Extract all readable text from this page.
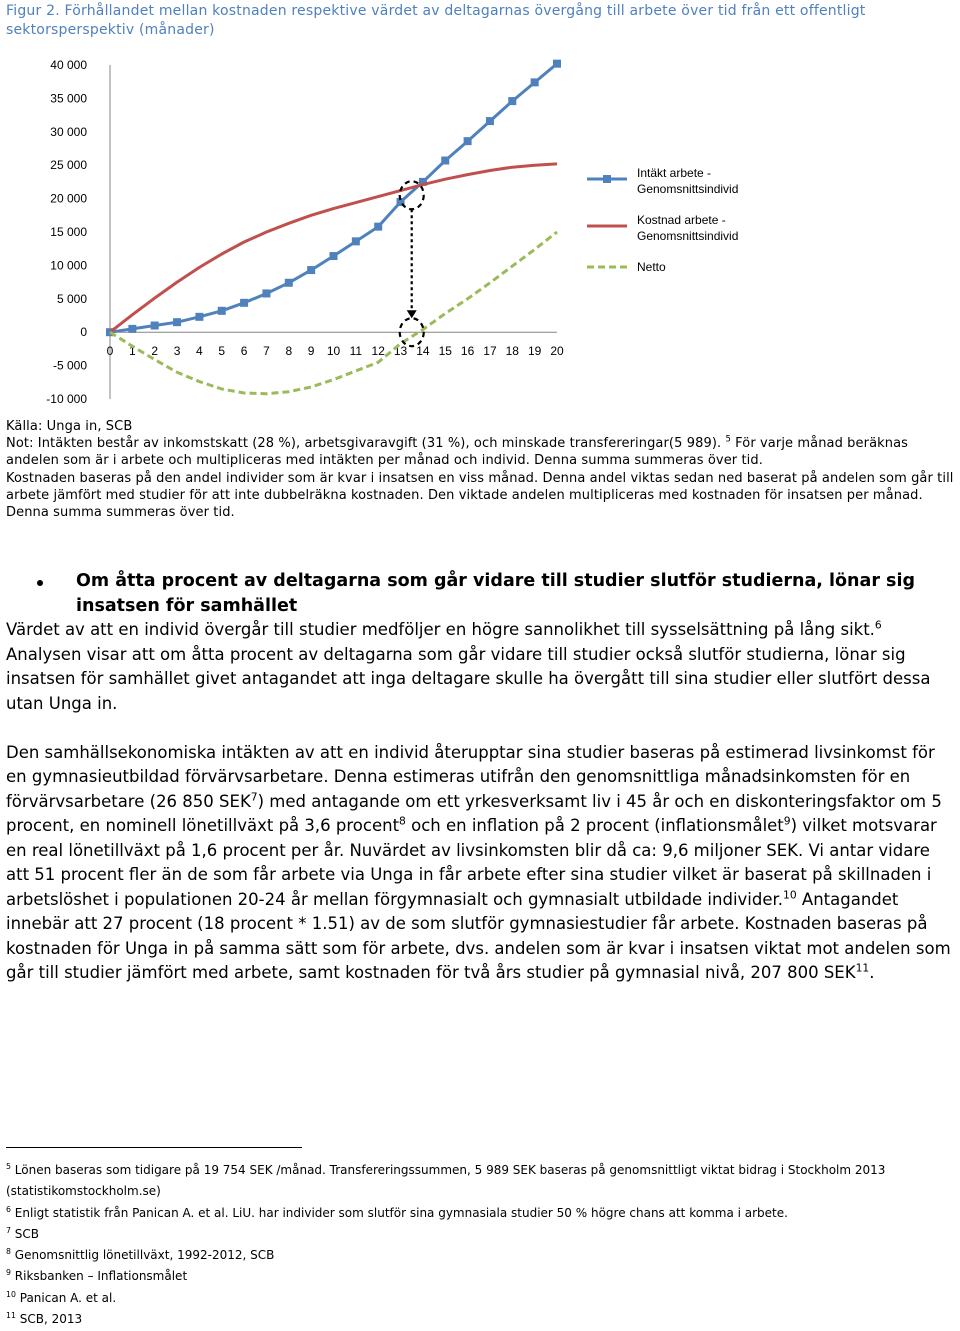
Figur 2. Förhållandet mellan kostnaden respektive värdet av deltagarnas övergång till arbete över tid från ett offentligt sektorsperspektiv (månader)
40 000
35 000
30 000
25 000
20 000
15 000
10 000
5 000
0
-5 000
-10 000
0 1 2 3 4 5 6 7 8 9 10 11 12 13 14 15 16 17 18 19 20
Intäkt arbete -Genomsnittsindivid
Kostnad arbete -Genomsnittsindivid
Netto

Källa: Unga in, SCB

Not: Intäkten består av inkomstskatt (28 %), arbetsgivaravgift (31 %), och minskade transfereringar(5 989). $^5$ För varje månad beräknas andelen som är i arbete och multipliceras med intäkten per månad och individ. Denna summa summeras över tid.

Kostnaden baseras på den andel individer som är kvar i insatsen en viss månad. Denna andel viktas sedan ned baserat på andelen som går till arbete jämfört med studier för att inte dubbelräkna kostnaden. Den viktade andelen multipliceras med kostnaden för insatsen per månad. Denna summa summeras över tid.

Om åtta procent av deltagarna som går vidare till studier slutför studierna, lönar sig insatsen för samhället

Värdet av att en individ övergår till studier medföljer en högre sannolikhet till sysselsättning på lång sikt.$^6$ Analysen visar att om åtta procent av deltagarna som går vidare till studier också slutför studierna, lönar sig insatsen för samhället givet antagandet att inga deltagare skulle ha övergått till sina studier eller slutfört dessa utan Unga in.

Den samhällsekonomiska intäkten av att en individ återupptar sina studier baseras på estimerad livsinkomst för en gymnasieutbildad förvärvsarbetare. Denna estimeras utifrån den genomsnittliga månadsinkomsten för en förvärvsarbetare (26 850 SEK$^7$) med antagande om ett yrkesverksamt liv i 45 år och en diskonteringsfaktor om 5 procent, en nominell lönetillväxt på 3,6 procent$^8$ och en inflation på 2 procent (inflationsmålet$^9$) vilket motsvarar en real lönetillväxt på 1,6 procent per år. Nuvärdet av livsinkomsten blir då ca: 9,6 miljoner SEK. Vi antar vidare att 51 procent fler än de som får arbete via Unga in får arbete efter sina studier vilket är baserat på skillnaden i arbetslöshet i populationen 20-24 år mellan förgymnasialt och gymnasialt utbildade individer.$^{10}$ Antagandet innebär att 27 procent (18 procent * 1.51) av de som slutför gymnasiestudier får arbete. Kostnaden baseras på kostnaden för Unga in på samma sätt som för arbete, dvs. andelen som är kvar i insatsen viktat mot andelen som går till studier jämfört med arbete, samt kostnaden för två års studier på gymnasial nivå, 207 800 SEK$^{11}$.

$^5$ Lönen baseras som tidigare på 19 754 SEK /månad. Transfereringssummen, 5 989 SEK baseras på genomsnittligt viktat bidrag i Stockholm 2013 (statistikomstockholm.se)

$^6$ Enligt statistik från Panican A. et al. LiU. har individer som slutför sina gymnasiala studier 50 % högre chans att komma i arbete.

$^7$ SCB

$^8$ Genomsnittlig lönetillväxt, 1992-2012, SCB

$^9$ Riksbanken – Inflationsmålet

$^{10}$ Panican A. et al.

$^{11}$ SCB, 2013
